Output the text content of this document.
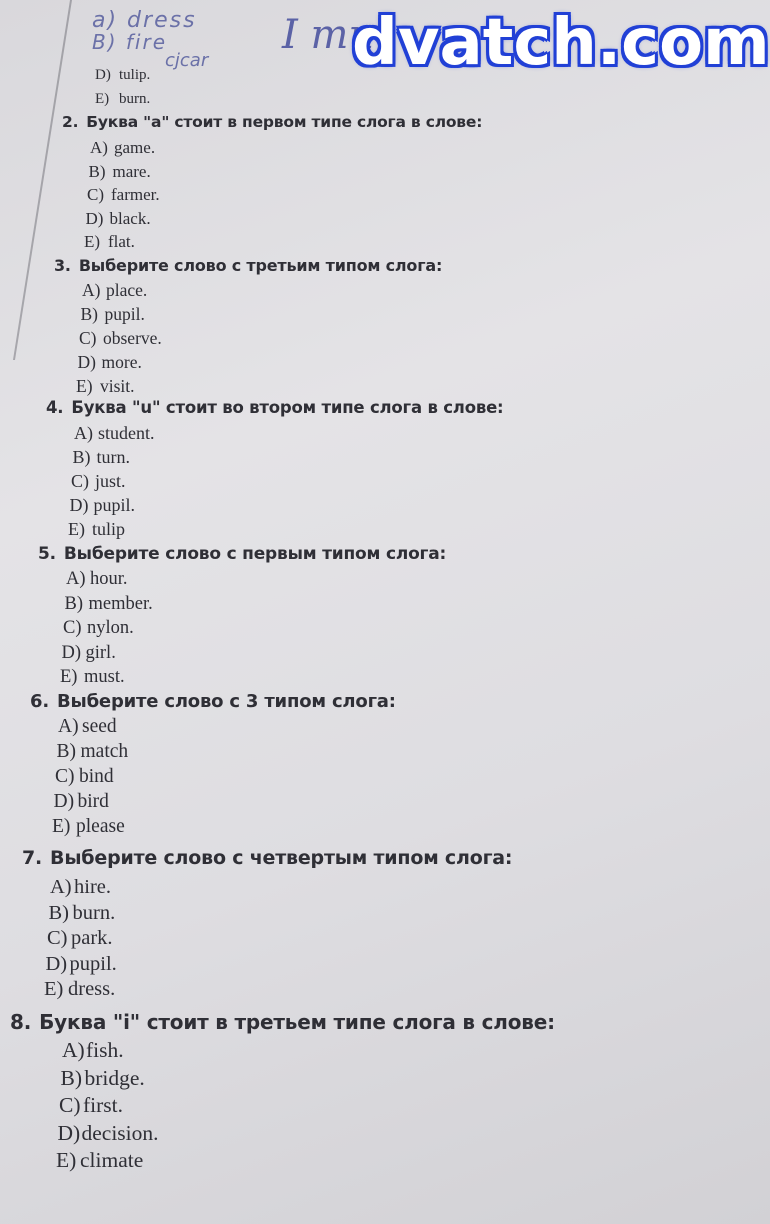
a) dress
B) fire
cjcar
I mu
D) tulip.
E) burn.
2. Буква "a" стоит в первом типе слога в слове:
A) game.
B) mare.
C) farmer.
D) black.
E) flat.
3. Выберите слово с третьим типом слога:
A) place.
B) pupil.
C) observe.
D) more.
E) visit.
4. Буква "u" стоит во втором типе слога в слове:
A) student.
B) turn.
C) just.
D) pupil.
E) tulip
5. Выберите слово с первым типом слога:
A) hour.
B) member.
C) nylon.
D) girl.
E) must.
6. Выберите слово с 3 типом слога:
A) seed
B) match
C) bind
D) bird
E) please
7. Выберите слово с четвертым типом слога:
A) hire.
B) burn.
C) park.
D) pupil.
E) dress.
8. Буква "i" стоит в третьем типе слога в слове:
A)fish.
B) bridge.
C) first.
D)decision.
E) climate
dvatch.com
